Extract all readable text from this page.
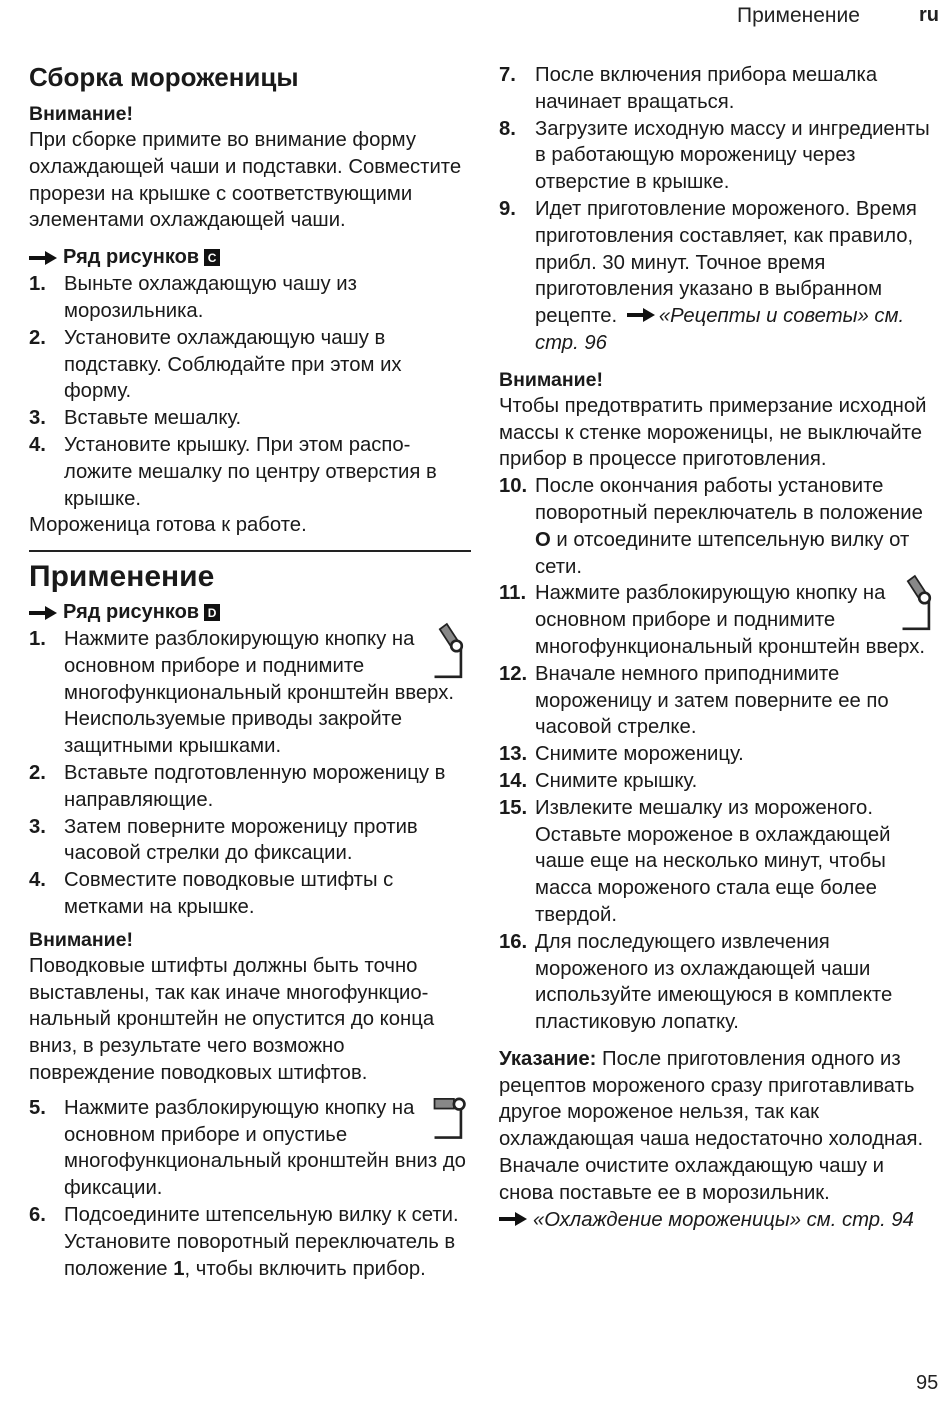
Применение	ru
Сборка мороженицы

Внимание!

При сборке примите во внимание форму охлаждающей чаши и подставки. Совместите прорези на крышке с соответствующими элементами охлаждающей чаши.

Ряд рисунков C

1. Выньте охлаждающую чашу из морозильника.
2. Установите охлаждающую чашу в подставку. Соблюдайте при этом их форму.
3. Вставьте мешалку.
4. Установите крышку. При этом расположите мешалку по центру отверстия в крышке.

Мороженица готова к работе.

Применение

Ряд рисунков D

1. Нажмите разблокирующую кнопку на основном приборе и поднимите многофункциональный кронштейн вверх. Неиспользуемые приводы закройте защитными крышками.
2. Вставьте подготовленную мороженицу в направляющие.
3. Затем поверните мороженицу против часовой стрелки до фиксации.
4. Совместите поводковые штифты с метками на крышке.

Внимание!

Поводковые штифты должны быть точно выставлены, так как иначе многофункциональный кронштейн не опустится до конца вниз, в результате чего возможно повреждение поводковых штифтов.

5. Нажмите разблокирующую кнопку на основном приборе и опустиье многофункциональный кронштейн вниз до фиксации.
6. Подсоедините штепсельную вилку к сети. Установите поворотный переключатель в положение 1, чтобы включить прибор.
7. После включения прибора мешалка начинает вращаться.
8. Загрузите исходную массу и ингредиенты в работающую мороженицу через отверстие в крышке.
9. Идет приготовление мороженого. Время приготовления составляет, как правило, прибл. 30 минут. Точное время приготовления указано в выбранном рецепте. «Рецепты и советы» см. стр. 96

Внимание!

Чтобы предотвратить примерзание исходной массы к стенке мороженицы, не выключайте прибор в процессе приготовления.

10. После окончания работы установите поворотный переключатель в положение O и отсоедините штепсельную вилку от сети.
11. Нажмите разблокирующую кнопку на основном приборе и поднимите многофункциональный кронштейн вверх.
12. Вначале немного приподнимите мороженицу и затем поверните ее по часовой стрелке.
13. Снимите мороженицу.
14. Снимите крышку.
15. Извлеките мешалку из мороженого. Оставьте мороженое в охлаждающей чаше еще на несколько минут, чтобы масса мороженого стала еще более твердой.
16. Для последующего извлечения мороженого из охлаждающей чаши используйте имеющуюся в комплекте пластиковую лопатку.

Указание: После приготовления одного из рецептов мороженого сразу приготавливать другое мороженое нельзя, так как охлаждающая чаша недостаточно холодная. Вначале очистите охлаждающую чашу и снова поставьте ее в морозильник.

«Охлаждение мороженицы» см. стр. 94

95
